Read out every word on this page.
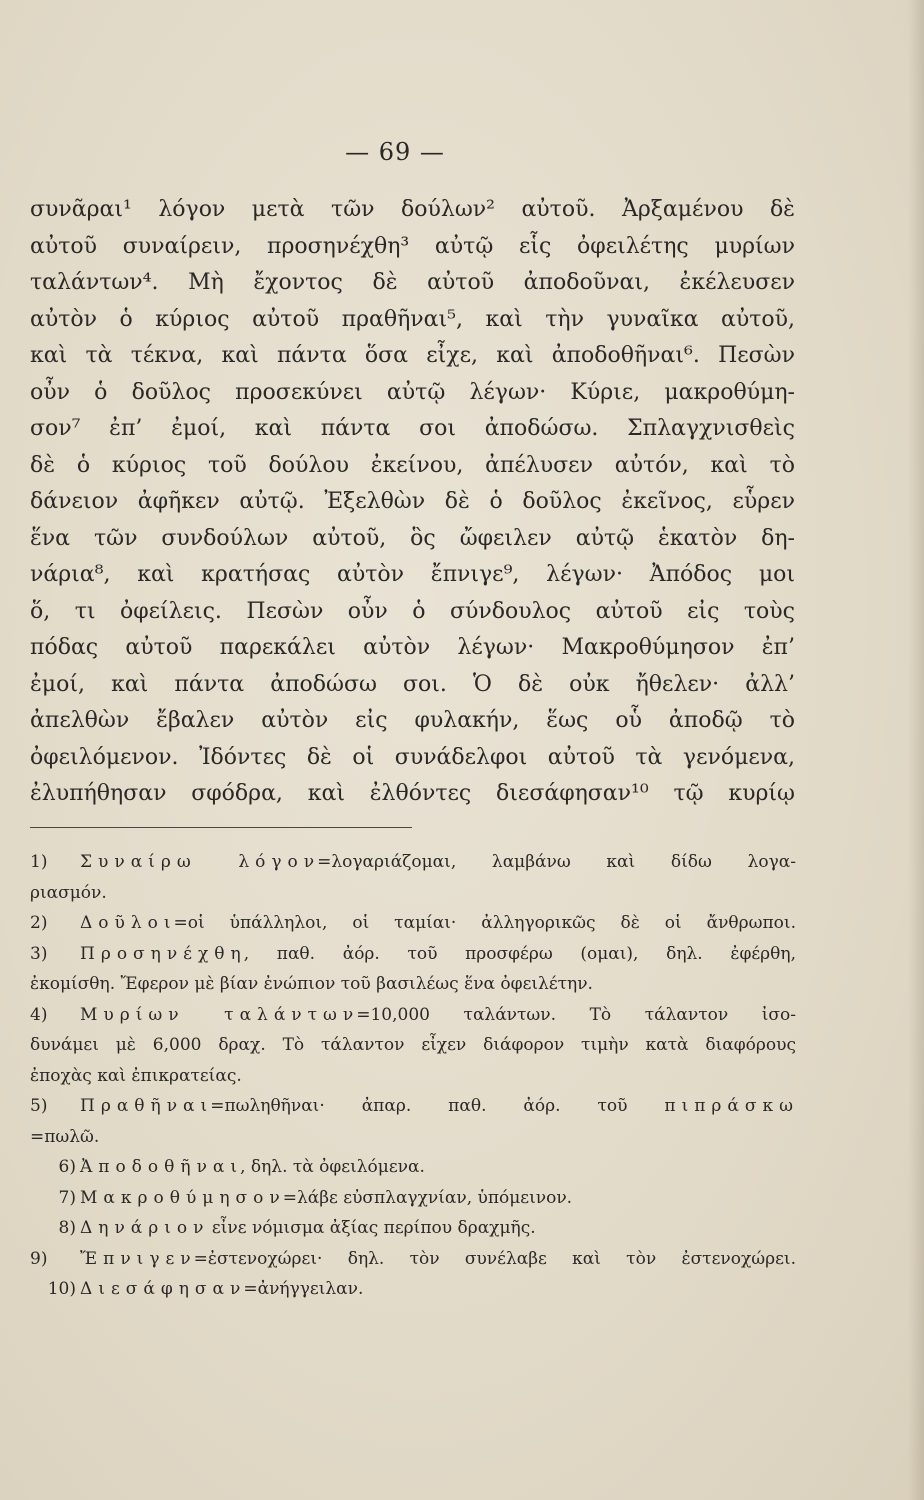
— 69 —
συνᾶραι¹ λόγον μετὰ τῶν δούλων² αὐτοῦ. Ἀρξαμένου δὲ
αὐτοῦ συναίρειν, προσηνέχθη³ αὐτῷ εἷς ὀφειλέτης μυρίων
ταλάντων⁴. Μὴ ἔχοντος δὲ αὐτοῦ ἀποδοῦναι, ἐκέλευσεν
αὐτὸν ὁ κύριος αὐτοῦ πραθῆναι⁵, καὶ τὴν γυναῖκα αὐτοῦ,
καὶ τὰ τέκνα, καὶ πάντα ὅσα εἶχε, καὶ ἀποδοθῆναι⁶. Πεσὼν
οὖν ὁ δοῦλος προσεκύνει αὐτῷ λέγων· Κύριε, μακροθύμη-
σον⁷ ἐπ’ ἐμοί, καὶ πάντα σοι ἀποδώσω. Σπλαγχνισθεὶς
δὲ ὁ κύριος τοῦ δούλου ἐκείνου, ἀπέλυσεν αὐτόν, καὶ τὸ
δάνειον ἀφῆκεν αὐτῷ. Ἐξελθὼν δὲ ὁ δοῦλος ἐκεῖνος, εὗρεν
ἕνα τῶν συνδούλων αὐτοῦ, ὃς ὤφειλεν αὐτῷ ἑκατὸν δη-
νάρια⁸, καὶ κρατήσας αὐτὸν ἔπνιγε⁹, λέγων· Ἀπόδος μοι
ὅ, τι ὀφείλεις. Πεσὼν οὖν ὁ σύνδουλος αὐτοῦ εἰς τοὺς
πόδας αὐτοῦ παρεκάλει αὐτὸν λέγων· Μακροθύμησον ἐπ’
ἐμοί, καὶ πάντα ἀποδώσω σοι. Ὁ δὲ οὐκ ἤθελεν· ἀλλ’
ἀπελθὼν ἔβαλεν αὐτὸν εἰς φυλακήν, ἕως οὗ ἀποδῷ τὸ
ὀφειλόμενον. Ἰδόντες δὲ οἱ συνάδελφοι αὐτοῦ τὰ γενόμενα,
ἐλυπήθησαν σφόδρα, καὶ ἐλθόντες διεσάφησαν¹⁰ τῷ κυρίῳ
1) Συναίρω λόγον=λογαριάζομαι, λαμβάνω καὶ δίδω λογα-
ριασμόν.
2) Δοῦλοι=οἱ ὑπάλληλοι, οἱ ταμίαι· ἀλληγορικῶς δὲ οἱ ἄνθρωποι.
3) Προσηνέχθη, παθ. ἀόρ. τοῦ προσφέρω (ομαι), δηλ. ἐφέρθη,
ἐκομίσθη. Ἔφερον μὲ βίαν ἐνώπιον τοῦ βασιλέως ἕνα ὀφειλέτην.
4) Μυρίων ταλάντων=10,000 ταλάντων. Τὸ τάλαντον ἰσο-
δυνάμει μὲ 6,000 δραχ. Τὸ τάλαντον εἶχεν διάφορον τιμὴν κατὰ διαφόρους
ἐποχὰς καὶ ἐπικρατείας.
5) Πραθῆναι=πωληθῆναι· ἀπαρ. παθ. ἀόρ. τοῦ πιπράσκω
=πωλῶ.
6) Ἀποδοθῆναι, δηλ. τὰ ὀφειλόμενα.
7) Μακροθύμησον=λάβε εὐσπλαγχνίαν, ὑπόμεινον.
8) Δηνάριον εἶνε νόμισμα ἀξίας περίπου δραχμῆς.
9) Ἔπνιγεν=ἐστενοχώρει· δηλ. τὸν συνέλαβε καὶ τὸν ἐστενοχώρει.
10) Διεσάφησαν=ἀνήγγειλαν.
